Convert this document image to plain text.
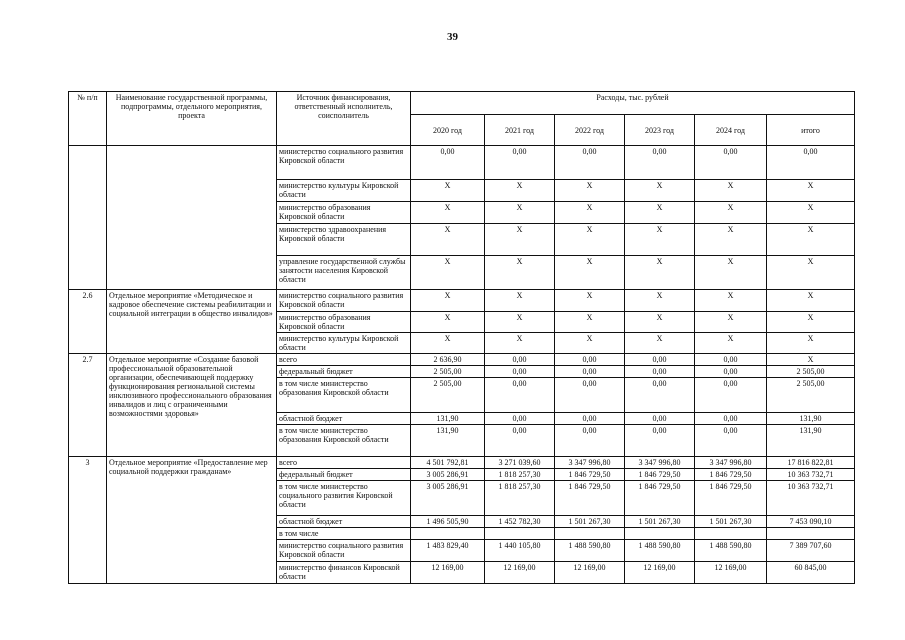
39
№ п/п	Наименование государственной программы, подпрограммы, отдельного мероприятия, проекта	Источник финансирования, ответственный исполнитель, соисполнитель	Расходы, тыс. рублей					
			2020 год	2021 год	2022 год	2023 год	2024 год	итого
		министерство социального развития Кировской области	0,00	0,00	0,00	0,00	0,00	0,00
		министерство культуры Кировской области	X	X	X	X	X	X
		министерство образования Кировской области	X	X	X	X	X	X
		министерство здравоохранения Кировской области	X	X	X	X	X	X
		управление государственной службы занятости населения Кировской области	X	X	X	X	X	X
2.6	Отдельное мероприятие «Методическое и кадровое обеспечение системы реабилитации и социальной интеграции в общество инвалидов»	министерство социального развития Кировской области	X	X	X	X	X	X
		министерство образования Кировской области	X	X	X	X	X	X
		министерство культуры Кировской области	X	X	X	X	X	X
2.7	Отдельное мероприятие «Создание базовой профессиональной образовательной организации, обеспечивающей поддержку функционирования региональной системы инклюзивного профессионального образования инвалидов и лиц с ограниченными возможностями здоровья»	всего	2 636,90	0,00	0,00	0,00	0,00	X
		федеральный бюджет	2 505,00	0,00	0,00	0,00	0,00	2 505,00
		в том числе министерство образования Кировской области	2 505,00	0,00	0,00	0,00	0,00	2 505,00
		областной бюджет	131,90	0,00	0,00	0,00	0,00	131,90
		в том числе министерство образования Кировской области	131,90	0,00	0,00	0,00	0,00	131,90
3	Отдельное мероприятие «Предоставление мер социальной поддержки гражданам»	всего	4 501 792,81	3 271 039,60	3 347 996,80	3 347 996,80	3 347 996,80	17 816 822,81
		федеральный бюджет	3 005 286,91	1 818 257,30	1 846 729,50	1 846 729,50	1 846 729,50	10 363 732,71
		в том числе министерство социального развития Кировской области	3 005 286,91	1 818 257,30	1 846 729,50	1 846 729,50	1 846 729,50	10 363 732,71
		областной бюджет	1 496 505,90	1 452 782,30	1 501 267,30	1 501 267,30	1 501 267,30	7 453 090,10
		в том числе						
		министерство социального развития Кировской области	1 483 829,40	1 440 105,80	1 488 590,80	1 488 590,80	1 488 590,80	7 389 707,60
		министерство финансов Кировской области	12 169,00	12 169,00	12 169,00	12 169,00	12 169,00	60 845,00
